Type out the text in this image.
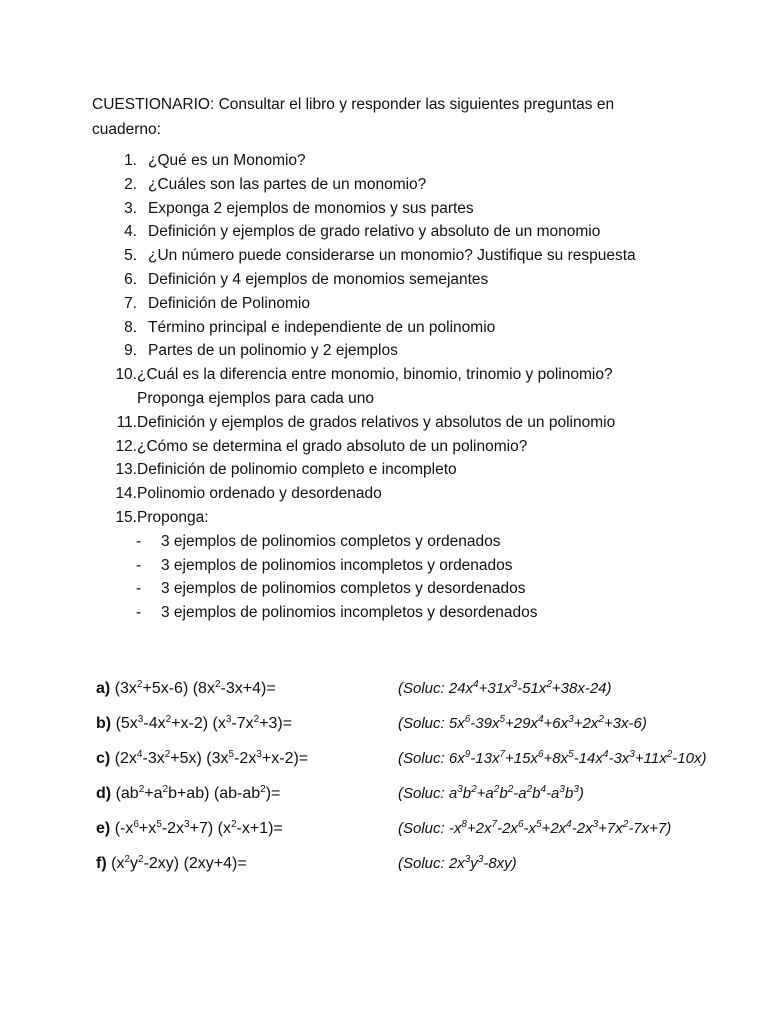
CUESTIONARIO: Consultar el libro y responder las siguientes preguntas en cuaderno:

1. ¿Qué es un Monomio?
2. ¿Cuáles son las partes de un monomio?
3. Exponga 2 ejemplos de monomios y sus partes
4. Definición y ejemplos de grado relativo y absoluto de un monomio
5. ¿Un número puede considerarse un monomio? Justifique su respuesta
6. Definición y 4 ejemplos de monomios semejantes
7. Definición de Polinomio
8. Término principal e independiente de un polinomio
9. Partes de un polinomio y 2 ejemplos
10. ¿Cuál es la diferencia entre monomio, binomio, trinomio y polinomio?
Proponga ejemplos para cada uno
11. Definición y ejemplos de grados relativos y absolutos de un polinomio
12. ¿Cómo se determina el grado absoluto de un polinomio?
13. Definición de polinomio completo e incompleto
14. Polinomio ordenado y desordenado
15. Proponga:
-	3 ejemplos de polinomios completos y ordenados
-	3 ejemplos de polinomios incompletos y ordenados
-	3 ejemplos de polinomios completos y desordenados
-	3 ejemplos de polinomios incompletos y desordenados
a) $(3x^2+5x-6)$ $(8x^2-3x+4)=$	(Soluc: $24x^4+31x^3-51x^2+38x-24$)
b) $(5x^3-4x^2+x-2)$ $(x^3-7x^2+3)=$	(Soluc: $5x^6-39x^5+29x^4+6x^3+2x^2+3x-6$)
c) $(2x^4-3x^2+5x)$ $(3x^5-2x^3+x-2)=$	(Soluc: $6x^9-13x^7+15x^6+8x^5-14x^4-3x^3+11x^2-10x$)
d) $(ab^2+a^2b+ab)$ $(ab-ab^2)=$	(Soluc: $a^3b^2+a^2b^2-a^2b^4-a^3b^3$)
e) $(-x^6+x^5-2x^3+7)$ $(x^2-x+1)=$	(Soluc: $-x^8+2x^7-2x^6-x^5+2x^4-2x^3+7x^2-7x+7$)
f) $(x^2y^2-2xy)$ (2xy+4)=	(Soluc: $2x^3y^3-8xy$)
